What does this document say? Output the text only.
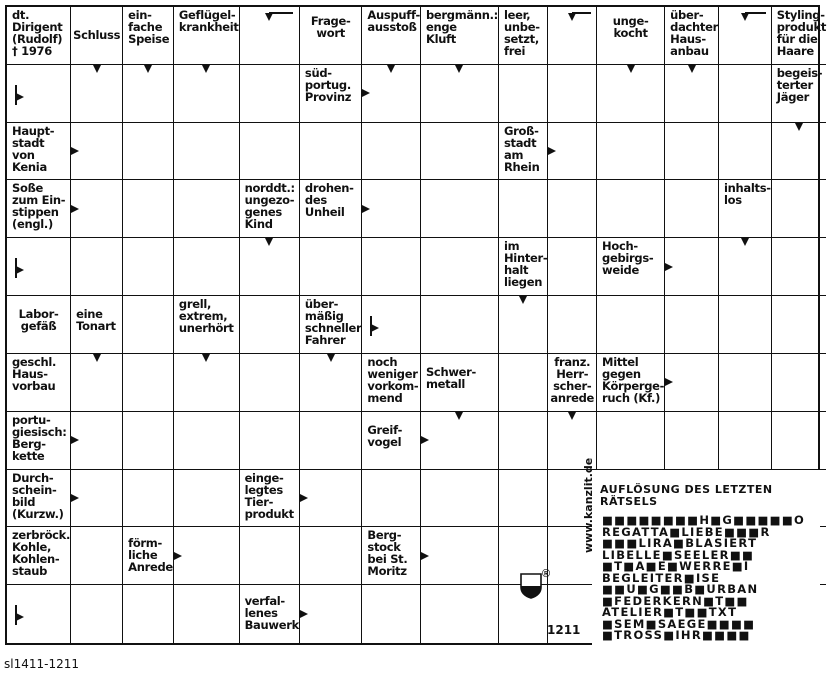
dt.
Dirigent
(Rudolf)
† 1976
Schluss
ein-
fache
Speise
Geflügel-
krankheit	Frage-
wort
Auspuff-
ausstoß
bergmänn.:
enge
Kluft
leer,
unbe-
setzt,
frei
unge-
kocht
über-
dachter
Haus-
anbau
Styling-
produkt
für die
Haare
süd-
portug.
Provinz
begeis-
terter
Jäger
Haupt-
stadt
von
Kenia
Groß-
stadt
am
Rhein
Soße
zum Ein-
stippen
(engl.)
norddt.:
ungezo-
genes
Kind
drohen-
des
Unheil
inhalts-
los
im
Hinter-
halt
liegen
Hoch-
gebirgs-
weide
Labor-
gefäß
eine
Tonart
grell,
extrem,
unerhört
über-
mäßig
schneller
Fahrer
geschl.
Haus-
vorbau
noch
weniger
vorkom-
mend
Schwer-
metall
franz.
Herr-
scher-
anrede
Mittel
gegen
Körperge-
ruch (Kf.)
portu-
giesisch:
Berg-
kette
Greif-
vogel
Durch-
schein-
bild
(Kurzw.)
einge-
legtes
Tier-
produkt
zerbröck.
Kohle,
Kohlen-
staub
förm-
liche
Anrede
Berg-
stock
bei St.
Moritz
verfal-
lenes
Bauwerk
AUFLÖSUNG DES LETZTEN
RÄTSELS
■■■■■■■■H■G■■■■■O
REGATTA■LIEBE■■■R
■■■LIRA■BLASIERT
LIBELLE■SEELER■■
■T■A■E■WERRE■I
BEGLEITER■ISE
■■U■G■■B■URBAN
■FEDERKERN■T■■
ATELIER■T■■TXT
■SEM■SAEGE■■■■
■TROSS■IHR■■■■
www.kanzlit.de
®
1211
sl1411-1211
